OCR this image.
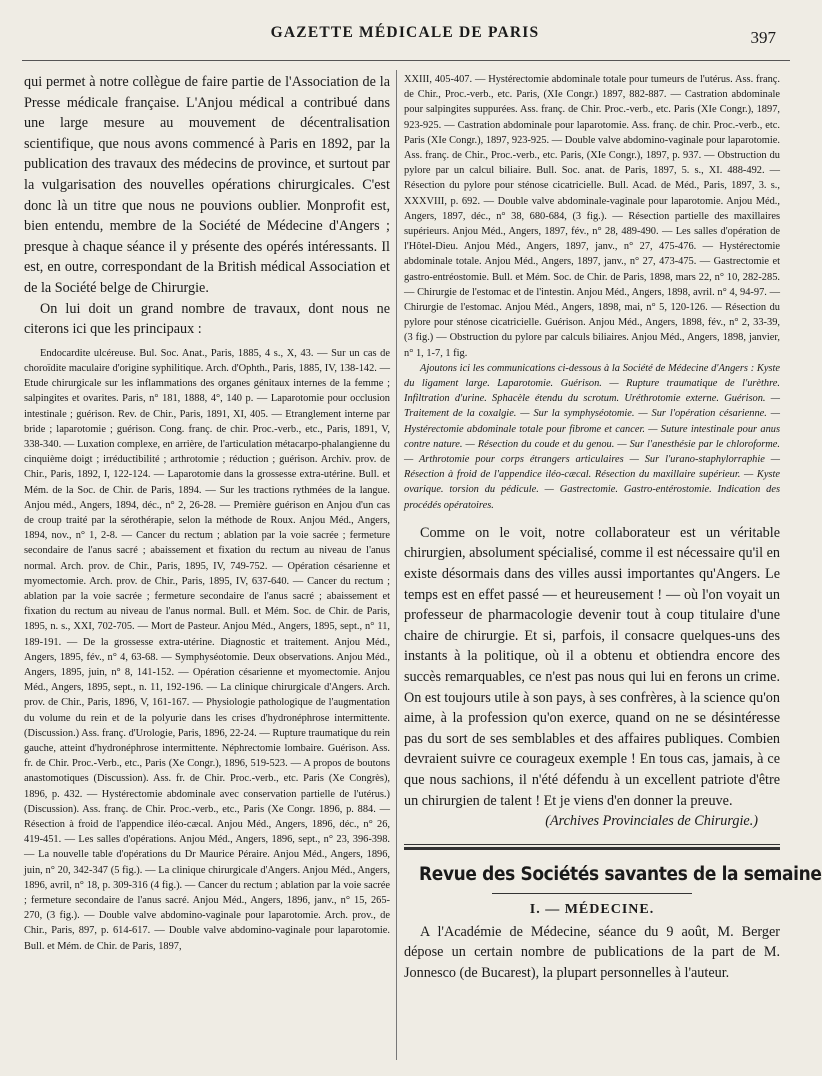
GAZETTE MÉDICALE DE PARIS	397

qui permet à notre collègue de faire partie de l'Association de la Presse médicale française. L'Anjou médical a contribué dans une large mesure au mouvement de décentralisation scientifique, que nous avons commencé à Paris en 1892, par la publication des travaux des médecins de province, et surtout par la vulgarisation des nouvelles opérations chirurgicales. C'est donc là un titre que nous ne pouvions oublier. Monprofit est, bien entendu, membre de la Société de Médecine d'Angers ; presque à chaque séance il y présente des opérés intéressants. Il est, en outre, correspondant de la British médical Association et de la Société belge de Chirurgie.

On lui doit un grand nombre de travaux, dont nous ne citerons ici que les principaux :

Endocardite ulcéreuse. Bul. Soc. Anat., Paris, 1885, 4 s., X, 43. — Sur un cas de choroïdite maculaire d'origine syphilitique. Arch. d'Ophth., Paris, 1885, IV, 138-142. — Etude chirurgicale sur les inflammations des organes génitaux internes de la femme ; salpingites et ovarites. Paris, n° 181, 1888, 4°, 140 p. — Laparotomie pour occlusion intestinale ; guérison. Rev. de Chir., Paris, 1891, XI, 405. — Etranglement interne par bride ; laparotomie ; guérison. Cong. franç. de chir. Proc.-verb., etc., Paris, 1891, V, 338-340. — Luxation complexe, en arrière, de l'articulation métacarpo-phalangienne du cinquième doigt ; irréductibilité ; arthrotomie ; réduction ; guérison. Archiv. prov. de Chir., Paris, 1892, I, 122-124. — Laparotomie dans la grossesse extra-utérine. Bull. et Mém. de la Soc. de Chir. de Paris, 1894. — Sur les tractions rythmées de la langue. Anjou méd., Angers, 1894, déc., n° 2, 26-28. — Première guérison en Anjou d'un cas de croup traité par la sérothérapie, selon la méthode de Roux. Anjou Méd., Angers, 1894, nov., n° 1, 2-8. — Cancer du rectum ; ablation par la voie sacrée ; fermeture secondaire de l'anus sacré ; abaissement et fixation du rectum au niveau de l'anus normal. Arch. prov. de Chir., Paris, 1895, IV, 749-752. — Opération césarienne et myomectomie. Arch. prov. de Chir., Paris, 1895, IV, 637-640. — Cancer du rectum ; ablation par la voie sacrée ; fermeture secondaire de l'anus sacré ; abaissement et fixation du rectum au niveau de l'anus normal. Bull. et Mém. Soc. de Chir. de Paris, 1895, n. s., XXI, 702-705. — Mort de Pasteur. Anjou Méd., Angers, 1895, sept., n° 11, 189-191. — De la grossesse extra-utérine. Diagnostic et traitement. Anjou Méd., Angers, 1895, fév., n° 4, 63-68. — Symphyséotomie. Deux observations. Anjou Méd., Angers, 1895, juin, n° 8, 141-152. — Opération césarienne et myomectomie. Anjou Méd., Angers, 1895, sept., n. 11, 192-196. — La clinique chirurgicale d'Angers. Arch. prov. de Chir., Paris, 1896, V, 161-167. — Physiologie pathologique de l'augmentation du volume du rein et de la polyurie dans les crises d'hydronéphrose intermittente. (Discussion.) Ass. franç. d'Urologie, Paris, 1896, 22-24. — Rupture traumatique du rein gauche, atteint d'hydronéphrose intermittente. Néphrectomie lombaire. Guérison. Ass. fr. de Chir. Proc.-Verb., etc., Paris (Xe Congr.), 1896, 519-523. — A propos de boutons anastomotiques (Discussion). Ass. fr. de Chir. Proc.-verb., etc. Paris (Xe Congrès), 1896, p. 432. — Hystérectomie abdominale avec conservation partielle de l'utérus.) (Discussion). Ass. franç. de Chir. Proc.-verb., etc., Paris (Xe Congr. 1896, p. 884. — Résection à froid de l'appendice iléo-cæcal. Anjou Méd., Angers, 1896, déc., n° 26, 419-451. — Les salles d'opérations. Anjou Méd., Angers, 1896, sept., n° 23, 396-398. — La nouvelle table d'opérations du Dr Maurice Péraire. Anjou Méd., Angers, 1896, juin, n° 20, 342-347 (5 fig.). — La clinique chirurgicale d'Angers. Anjou Méd., Angers, 1896, avril, n° 18, p. 309-316 (4 fig.). — Cancer du rectum ; ablation par la voie sacrée ; fermeture secondaire de l'anus sacré. Anjou Méd., Angers, 1896, janv., n° 15, 265-270, (3 fig.). — Double valve abdomino-vaginale pour laparotomie. Arch. prov., de Chir., Paris, 897, p. 614-617. — Double valve abdomino-vaginale pour laparotomie. Bull. et Mém. de Chir. de Paris, 1897,

XXIII, 405-407. — Hystérectomie abdominale totale pour tumeurs de l'utérus. Ass. franç. de Chir., Proc.-verb., etc. Paris, (XIe Congr.) 1897, 882-887. — Castration abdominale pour salpingites suppurées. Ass. franç. de Chir. Proc.-verb., etc. Paris (XIe Congr.), 1897, 923-925. — Castration abdominale pour laparotomie. Ass. franç. de chir. Proc.-verb., etc. Paris (XIe Congr.), 1897, 923-925. — Double valve abdomino-vaginale pour laparotomie. Ass. franç. de Chir., Proc.-verb., etc. Paris, (XIe Congr.), 1897, p. 937. — Obstruction du pylore par un calcul biliaire. Bull. Soc. anat. de Paris, 1897, 5. s., XI. 488-492. — Résection du pylore pour sténose cicatricielle. Bull. Acad. de Méd., Paris, 1897, 3. s., XXXVIII, p. 692. — Double valve abdominale-vaginale pour laparotomie. Anjou Méd., Angers, 1897, déc., n° 38, 680-684, (3 fig.). — Résection partielle des maxillaires supérieurs. Anjou Méd., Angers, 1897, fév., n° 28, 489-490. — Les salles d'opération de l'Hôtel-Dieu. Anjou Méd., Angers, 1897, janv., n° 27, 475-476. — Hystérectomie abdominale totale. Anjou Méd., Angers, 1897, janv., n° 27, 473-475. — Gastrectomie et gastro-entréostomie. Bull. et Mém. Soc. de Chir. de Paris, 1898, mars 22, n° 10, 282-285. — Chirurgie de l'estomac et de l'intestin. Anjou Méd., Angers, 1898, avril. n° 4, 94-97. — Chirurgie de l'estomac. Anjou Méd., Angers, 1898, mai, n° 5, 120-126. — Résection du pylore pour sténose cicatricielle. Guérison. Anjou Méd., Angers, 1898, fév., n° 2, 33-39, (3 fig.) — Obstruction du pylore par calculs biliaires. Anjou Méd., Angers, 1898, janvier, n° 1, 1-7, 1 fig.

Ajoutons ici les communications ci-dessous à la Société de Médecine d'Angers : Kyste du ligament large. Laparotomie. Guérison. — Rupture traumatique de l'urèthre. Infiltration d'urine. Sphacèle étendu du scrotum. Uréthrotomie externe. Guérison. — Traitement de la coxalgie. — Sur la symphyséotomie. — Sur l'opération césarienne. — Hystérectomie abdominale totale pour fibrome et cancer. — Suture intestinale pour anus contre nature. — Résection du coude et du genou. — Sur l'anesthésie par le chloroforme. — Arthrotomie pour corps étrangers articulaires — Sur l'urano-staphylorraphie — Résection à froid de l'appendice iléo-cæcal. Résection du maxillaire supérieur. — Kyste ovarique. torsion du pédicule. — Gastrectomie. Gastro-entérostomie. Indication des procédés opératoires.

Comme on le voit, notre collaborateur est un véritable chirurgien, absolument spécialisé, comme il est nécessaire qu'il en existe désormais dans des villes aussi importantes qu'Angers. Le temps est en effet passé — et heureusement ! — où l'on voyait un professeur de pharmacologie devenir tout à coup titulaire d'une chaire de chirurgie. Et si, parfois, il consacre quelques-uns des instants à la politique, où il a obtenu et obtiendra encore des succès remarquables, ce n'est pas nous qui lui en ferons un crime. On est toujours utile à son pays, à ses confrères, à la science qu'on aime, à la profession qu'on exerce, quand on ne se désintéresse pas du sort de ses semblables et des affaires publiques. Combien devraient suivre ce courageux exemple ! En tous cas, jamais, à ce que nous sachions, il n'été défendu à un excellent patriote d'être un chirurgien de talent ! Et je viens d'en donner la preuve.

(Archives Provinciales de Chirurgie.)

Revue des Sociétés savantes de la semaine
I. — MÉDECINE.

A l'Académie de Médecine, séance du 9 août, M. Berger dépose un certain nombre de publications de la part de M. Jonnesco (de Bucarest), la plupart personnelles à l'auteur.
